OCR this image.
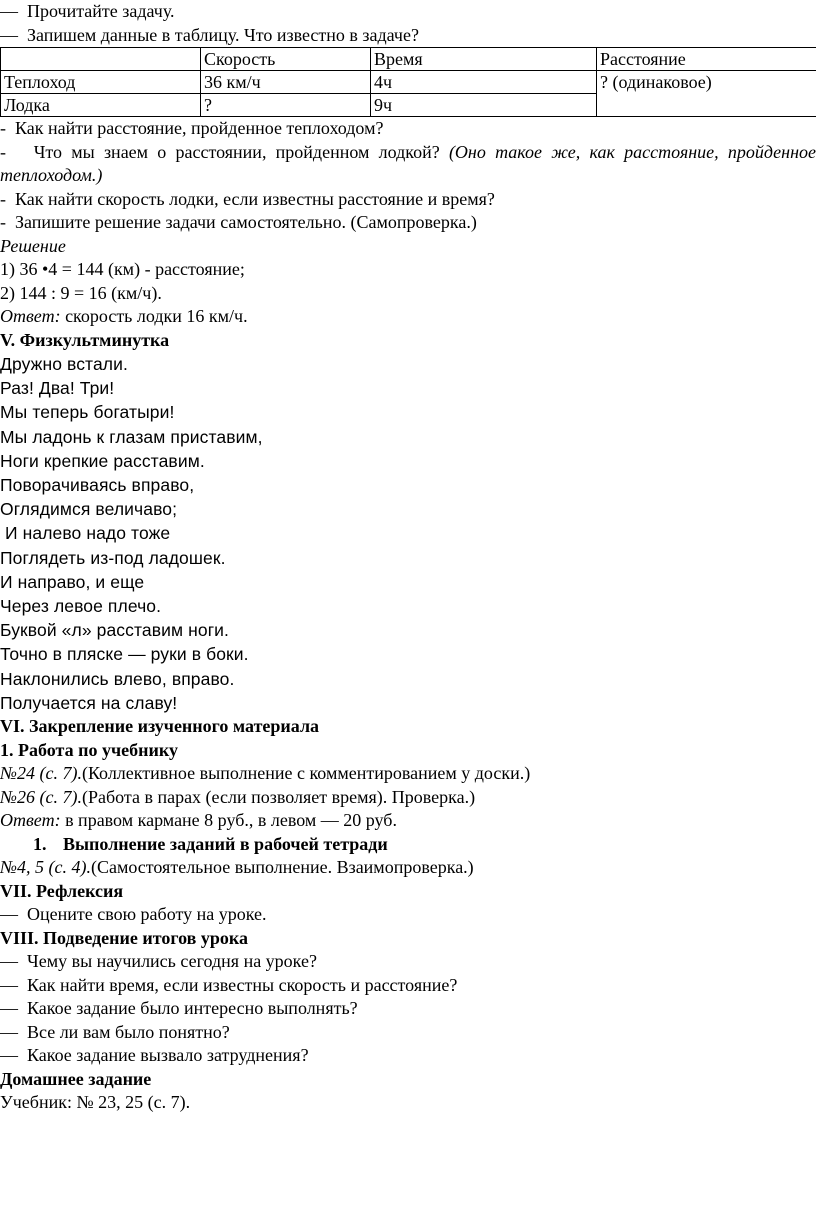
— Прочитайте задачу.
— Запишем данные в таблицу. Что известно в задаче?
	Скорость	Время	Расстояние
Теплоход	36 км/ч	4ч	? (одинаковое)
Лодка	?	9ч	
- Как найти расстояние, пройденное теплоходом?
- Что мы знаем о расстоянии, пройденном лодкой? (Оно такое же, как расстояние, пройденное теплоходом.)
- Как найти скорость лодки, если известны расстояние и время?
- Запишите решение задачи самостоятельно. (Самопроверка.)
Решение
1) 36 •4 = 144 (км) - расстояние;
2) 144 : 9 = 16 (км/ч).
Ответ: скорость лодки 16 км/ч.
V. Физкультминутка
Дружно встали.
Раз! Два! Три!
Мы теперь богатыри!
Мы ладонь к глазам приставим,
Ноги крепкие расставим.
Поворачиваясь вправо,
Оглядимся величаво;
И налево надо тоже
Поглядеть из-под ладошек.
И направо, и еще
Через левое плечо.
Буквой «л» расставим ноги.
Точно в пляске — руки в боки.
Наклонились влево, вправо.
Получается на славу!
VI. Закрепление изученного материала
1. Работа по учебнику
№24 (с. 7).(Коллективное выполнение с комментированием у доски.)
№26 (с. 7).(Работа в парах (если позволяет время). Проверка.)
Ответ: в правом кармане 8 руб., в левом — 20 руб.
1. Выполнение заданий в рабочей тетради
№4, 5 (с. 4).(Самостоятельное выполнение. Взаимопроверка.)
VII. Рефлексия
— Оцените свою работу на уроке.
VIII. Подведение итогов урока
— Чему вы научились сегодня на уроке?
— Как найти время, если известны скорость и расстояние?
— Какое задание было интересно выполнять?
— Все ли вам было понятно?
— Какое задание вызвало затруднения?
Домашнее задание
Учебник: № 23, 25 (с. 7).
